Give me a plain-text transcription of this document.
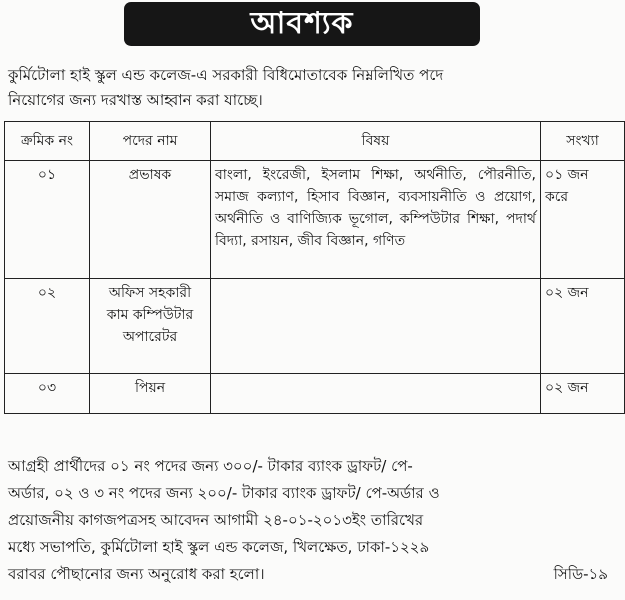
আবশ্যক
কুর্মিটোলা হাই স্কুল এন্ড কলেজ-এ সরকারী বিধিমোতাবেক নিম্নলিখিত পদে
নিয়োগের জন্য দরখাস্ত আহ্বান করা যাচ্ছে।
ক্রমিক নং	পদের নাম	বিষয়	সংখ্যা
০১	প্রভাষক	বাংলা, ইংরেজী, ইসলাম শিক্ষা, অর্থনীতি, পৌরনীতি, সমাজ কল্যাণ, হিসাব বিজ্ঞান, ব্যবসায়নীতি ও প্রয়োগ, অর্থনীতি ও বাণিজ্যিক ভূগোল, কম্পিউটার শিক্ষা, পদার্থ বিদ্যা, রসায়ন, জীব বিজ্ঞান, গণিত	০১ জন
করে
০২	অফিস সহকারী
কাম কম্পিউটার
অপারেটর		০২ জন
০৩	পিয়ন		০২ জন
আগ্রহী প্রার্থীদের ০১ নং পদের জন্য ৩০০/- টাকার ব্যাংক ড্রাফট/ পে-
অর্ডার, ০২ ও ৩ নং পদের জন্য ২০০/- টাকার ব্যাংক ড্রাফট/ পে-অর্ডার ও
প্রয়োজনীয় কাগজপত্রসহ আবেদন আগামী ২৪-০১-২০১৩ইং তারিখের
মধ্যে সভাপতি, কুর্মিটোলা হাই স্কুল এন্ড কলেজ, খিলক্ষেত, ঢাকা-১২২৯
বরাবর পৌছানোর জন্য অনুরোধ করা হলো।	সিডি-১৯
